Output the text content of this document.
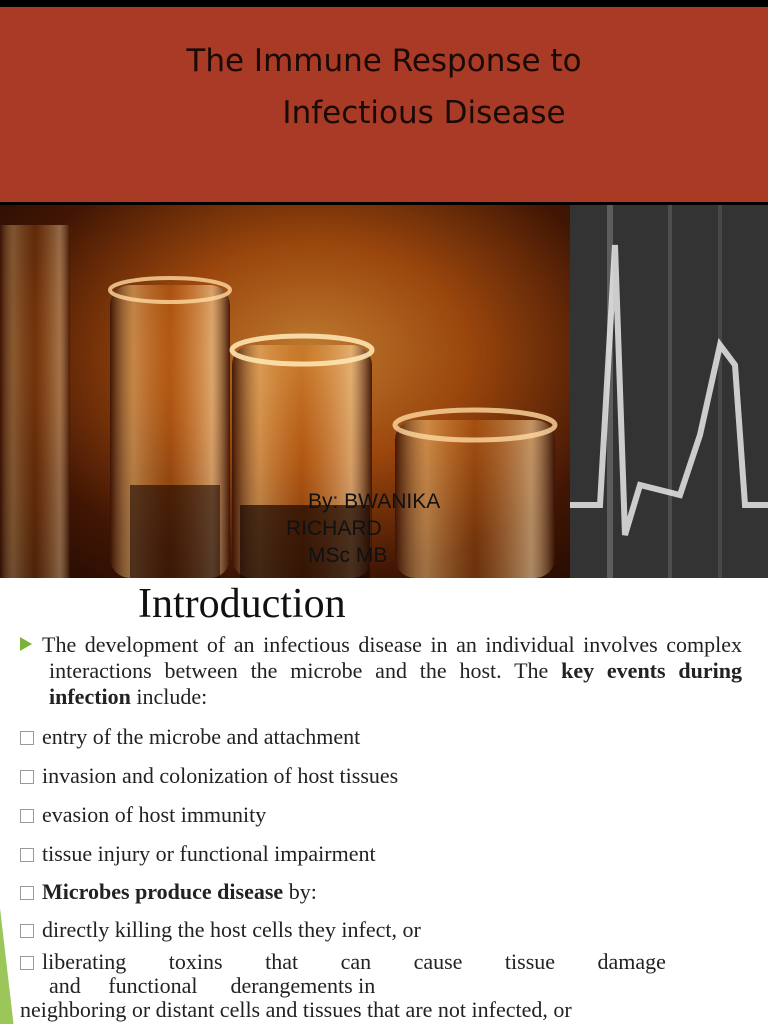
The Immune Response to
Infectious Disease
By: BWANIKA
RICHARD
MSc MB
Introduction
The development of an infectious disease in an individual involves complex interactions between the microbe and the host. The key events during infection include:
entry of the microbe and attachment
invasion and colonization of host tissues
evasion of host immunity
tissue injury or functional impairment
Microbes produce disease by:
directly killing the host cells they infect, or
liberating toxins that can cause tissue damage
and     functional      derangements in
neighboring or distant cells and tissues that are not infected, or
